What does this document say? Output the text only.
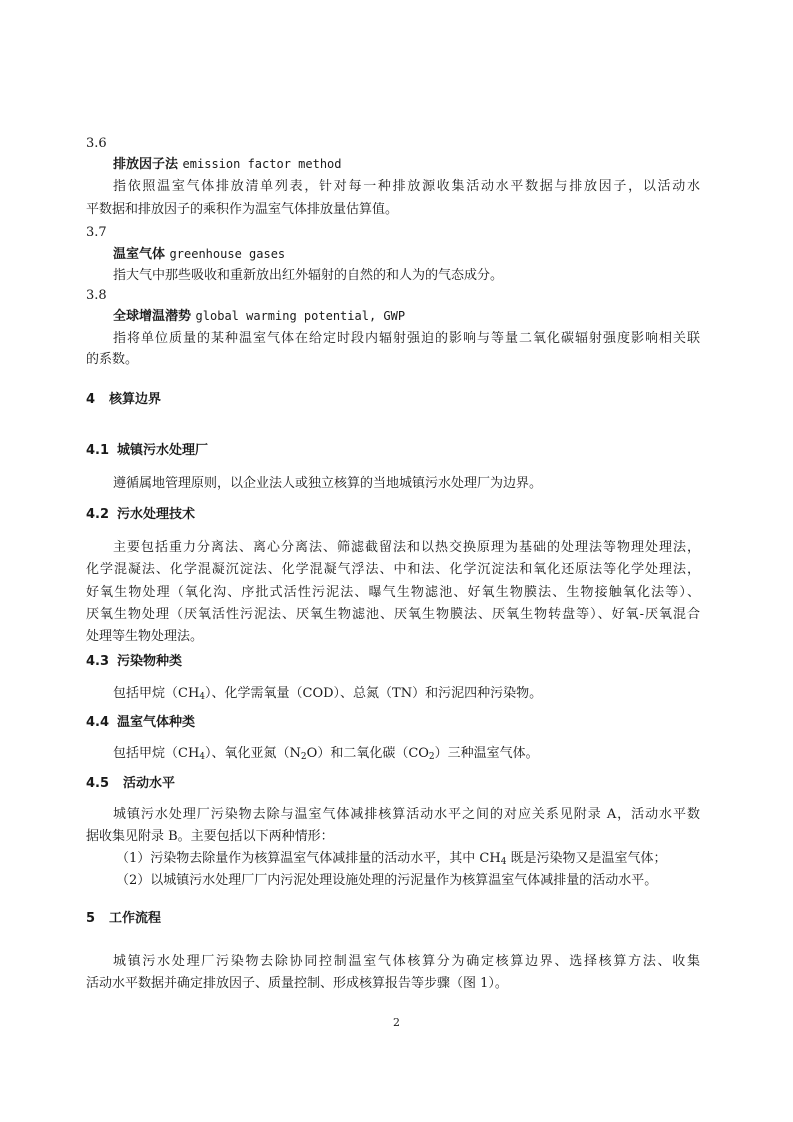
3.6
排放因子法 emission factor method
指依照温室气体排放清单列表，针对每一种排放源收集活动水平数据与排放因子，以活动水
平数据和排放因子的乘积作为温室气体排放量估算值。
3.7
温室气体 greenhouse gases
指大气中那些吸收和重新放出红外辐射的自然的和人为的气态成分。
3.8
全球增温潜势 global warming potential, GWP
指将单位质量的某种温室气体在给定时段内辐射强迫的影响与等量二氧化碳辐射强度影响相关联
的系数。
4 核算边界
4.1 城镇污水处理厂
遵循属地管理原则，以企业法人或独立核算的当地城镇污水处理厂为边界。
4.2 污水处理技术
主要包括重力分离法、离心分离法、筛滤截留法和以热交换原理为基础的处理法等物理处理法，
化学混凝法、化学混凝沉淀法、化学混凝气浮法、中和法、化学沉淀法和氧化还原法等化学处理法，
好氧生物处理（氧化沟、序批式活性污泥法、曝气生物滤池、好氧生物膜法、生物接触氧化法等）、
厌氧生物处理（厌氧活性污泥法、厌氧生物滤池、厌氧生物膜法、厌氧生物转盘等）、好氧-厌氧混合
处理等生物处理法。
4.3 污染物种类
包括甲烷$(CH_4)$、化学需氧量（COD）、总氮（TN）和污泥四种污染物。
4.4 温室气体种类
包括甲烷$(CH_4)$、氧化亚氮$(N_2O)$和二氧化碳$(CO_2)$三种温室气体。
4.5 活动水平
城镇污水处理厂污染物去除与温室气体减排核算活动水平之间的对应关系见附录 A，活动水平数
据收集见附录 B。主要包括以下两种情形：
（1）污染物去除量作为核算温室气体减排量的活动水平，其中 $CH_4$ 既是污染物又是温室气体；
（2）以城镇污水处理厂厂内污泥处理设施处理的污泥量作为核算温室气体减排量的活动水平。
5 工作流程
城镇污水处理厂污染物去除协同控制温室气体核算分为确定核算边界、选择核算方法、收集
活动水平数据并确定排放因子、质量控制、形成核算报告等步骤（图 1）。
2
